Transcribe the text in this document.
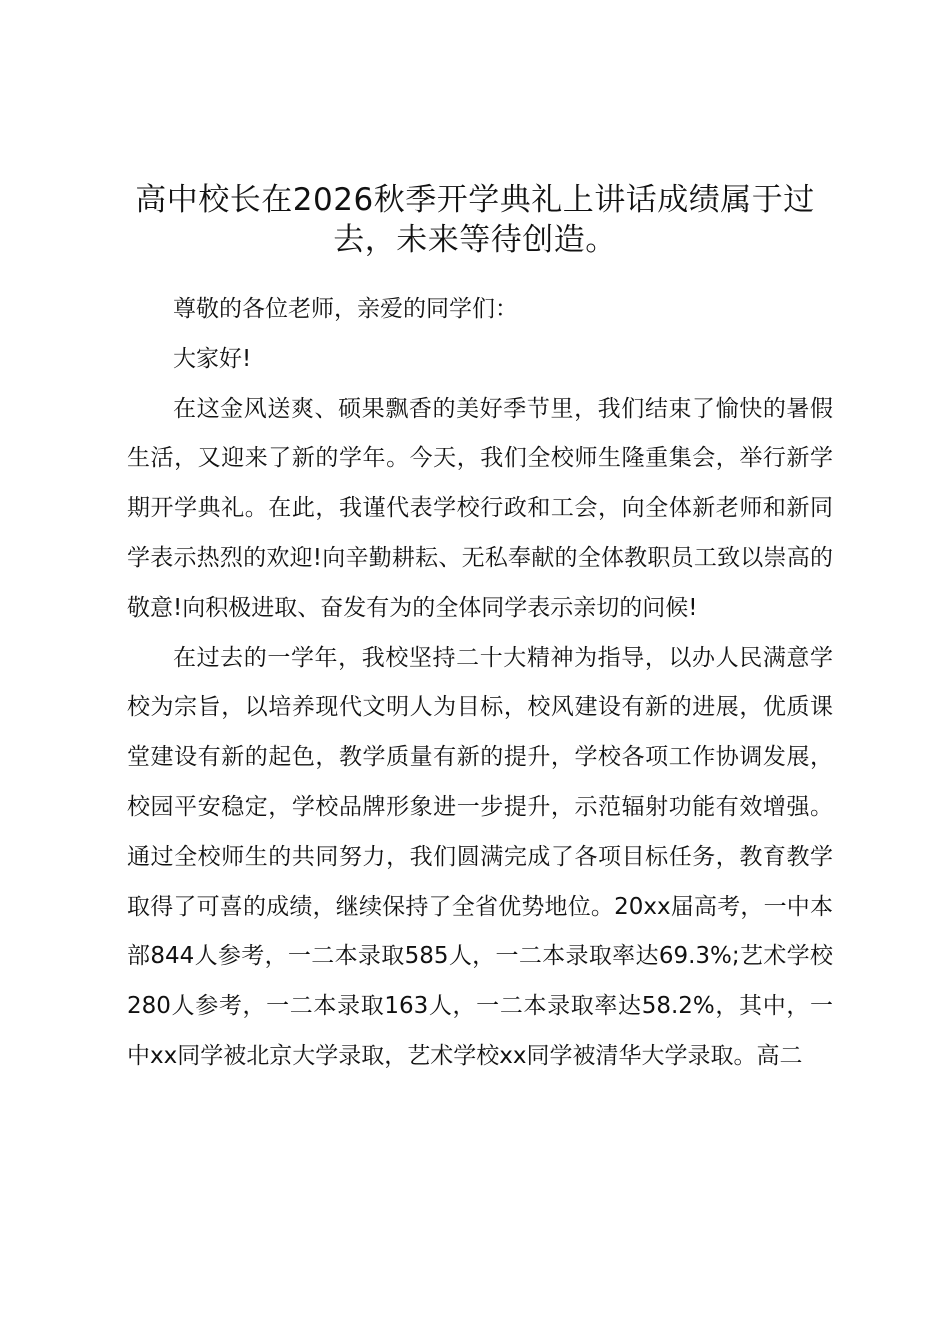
高中校长在2026秋季开学典礼上讲话成绩属于过去，未来等待创造。

尊敬的各位老师，亲爱的同学们：

大家好!

在这金风送爽、硕果飘香的美好季节里，我们结束了愉快的暑假生活，又迎来了新的学年。今天，我们全校师生隆重集会，举行新学期开学典礼。在此，我谨代表学校行政和工会，向全体新老师和新同学表示热烈的欢迎!向辛勤耕耘、无私奉献的全体教职员工致以崇高的敬意!向积极进取、奋发有为的全体同学表示亲切的问候!

在过去的一学年，我校坚持二十大精神为指导，以办人民满意学校为宗旨，以培养现代文明人为目标，校风建设有新的进展，优质课堂建设有新的起色，教学质量有新的提升，学校各项工作协调发展，校园平安稳定，学校品牌形象进一步提升，示范辐射功能有效增强。通过全校师生的共同努力，我们圆满完成了各项目标任务，教育教学取得了可喜的成绩，继续保持了全省优势地位。20xx届高考，一中本部844人参考，一二本录取585人，一二本录取率达69.3%;艺术学校280人参考，一二本录取163人，一二本录取率达58.2%，其中，一中xx同学被北京大学录取，艺术学校xx同学被清华大学录取。高二
